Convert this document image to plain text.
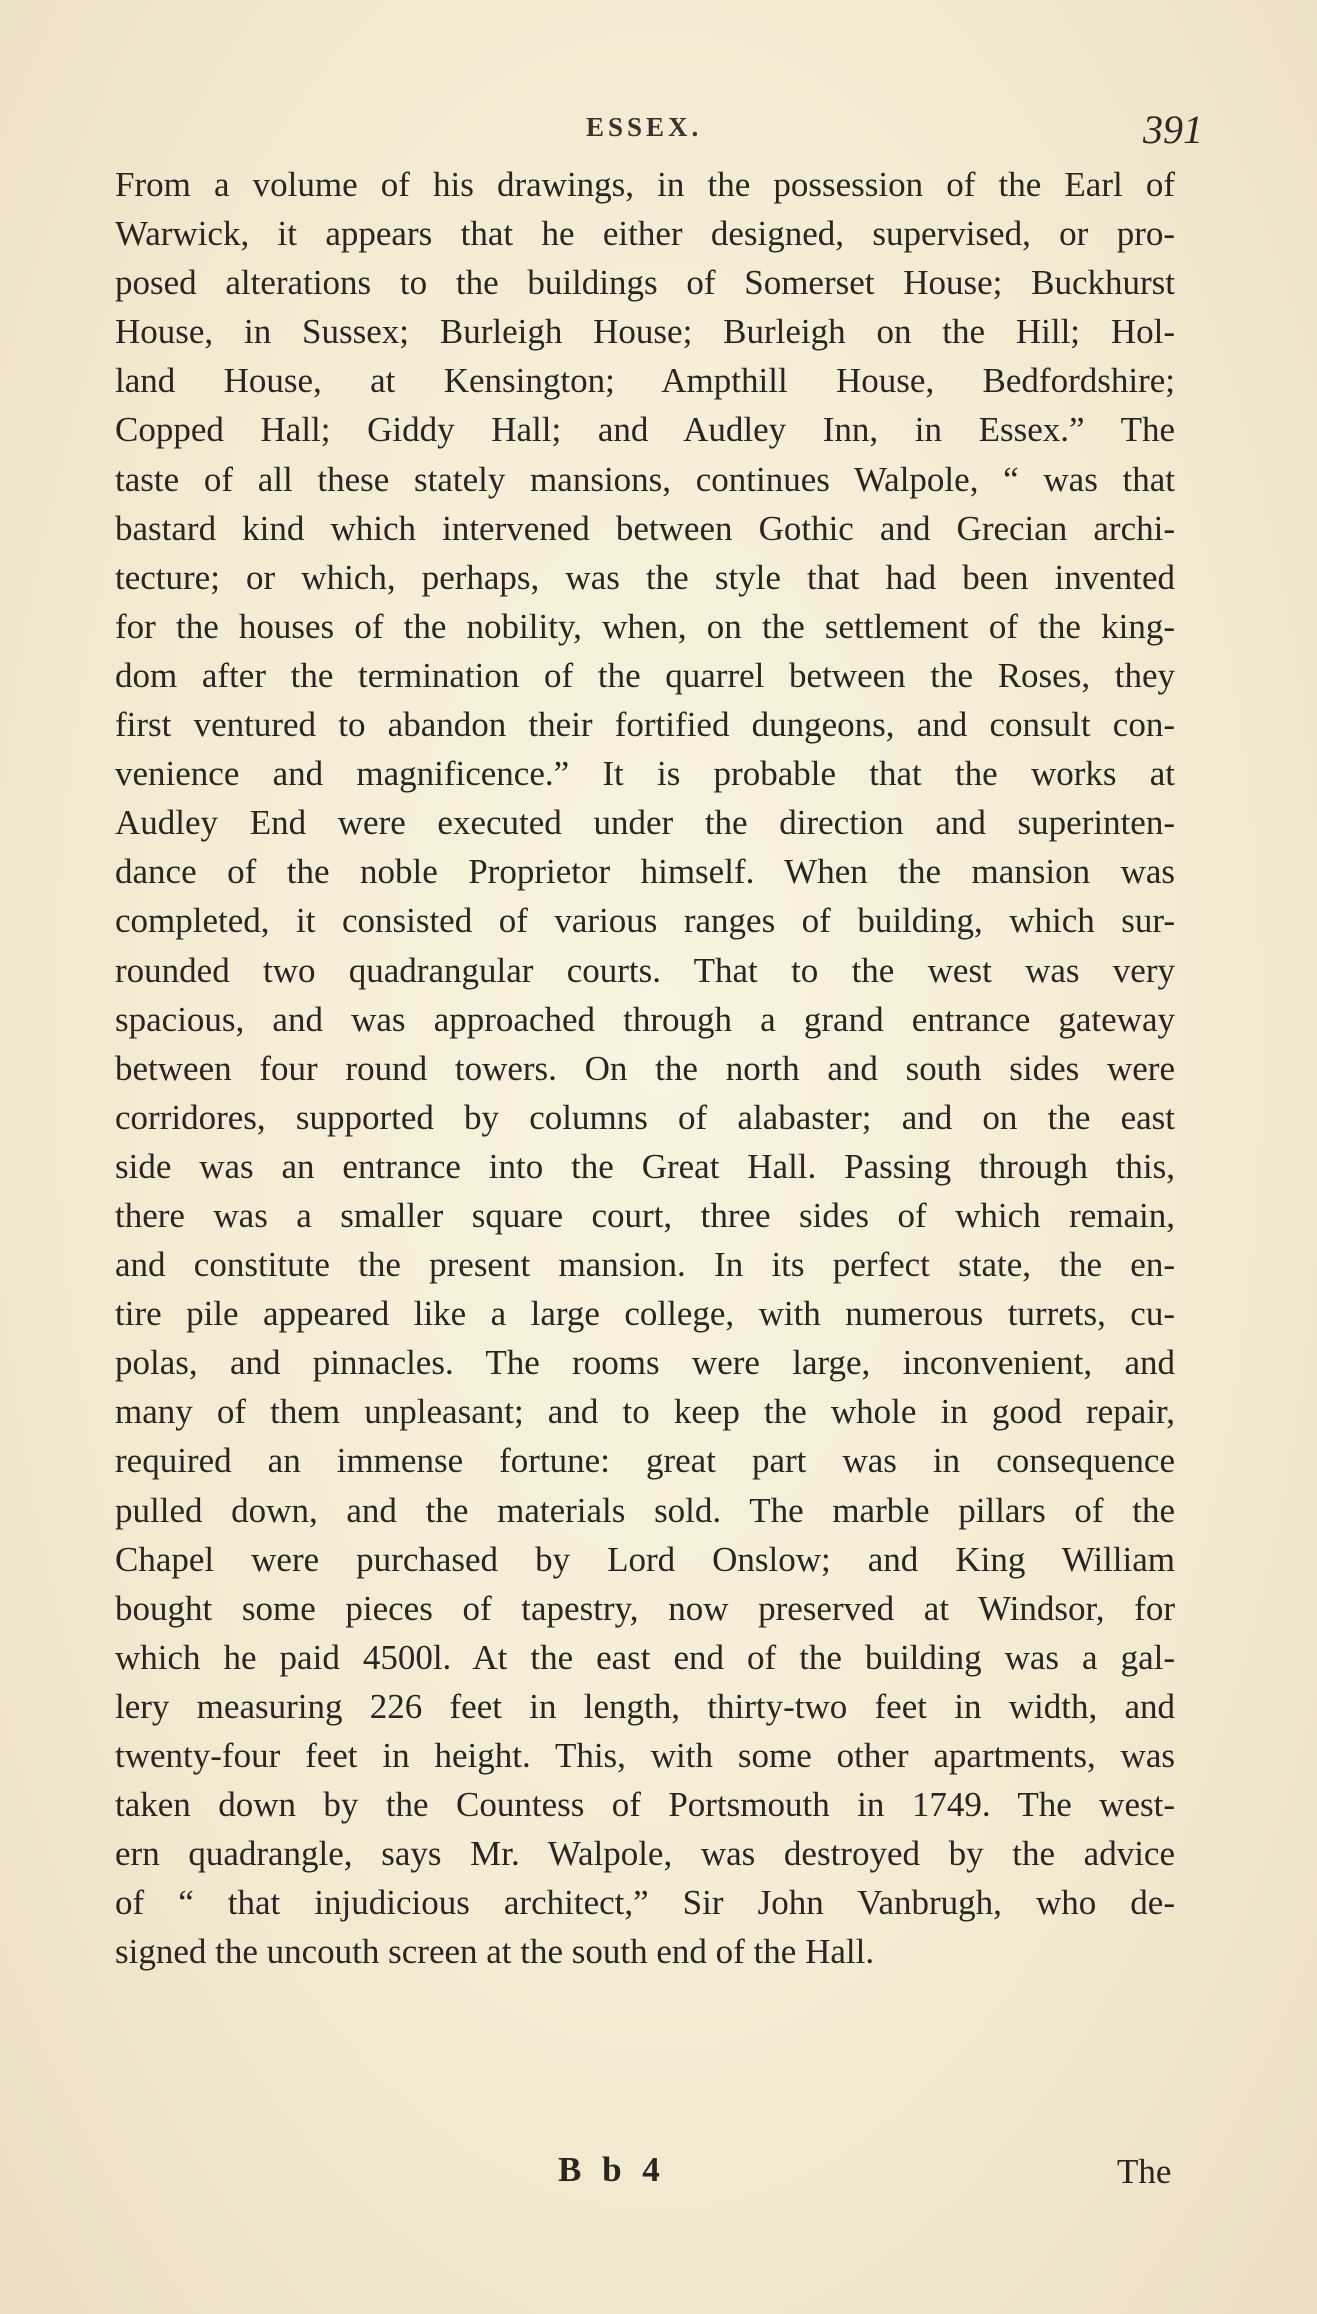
ESSEX.	391
From a volume of his drawings, in the possession of the Earl of
Warwick, it appears that he either designed, supervised, or pro-
posed alterations to the buildings of Somerset House; Buckhurst
House, in Sussex; Burleigh House; Burleigh on the Hill; Hol-
land House, at Kensington; Ampthill House, Bedfordshire;
Copped Hall; Giddy Hall; and Audley Inn, in Essex.” The
taste of all these stately mansions, continues Walpole, “ was that
bastard kind which intervened between Gothic and Grecian archi-
tecture; or which, perhaps, was the style that had been invented
for the houses of the nobility, when, on the settlement of the king-
dom after the termination of the quarrel between the Roses, they
first ventured to abandon their fortified dungeons, and consult con-
venience and magnificence.” It is probable that the works at
Audley End were executed under the direction and superinten-
dance of the noble Proprietor himself. When the mansion was
completed, it consisted of various ranges of building, which sur-
rounded two quadrangular courts. That to the west was very
spacious, and was approached through a grand entrance gateway
between four round towers. On the north and south sides were
corridores, supported by columns of alabaster; and on the east
side was an entrance into the Great Hall. Passing through this,
there was a smaller square court, three sides of which remain,
and constitute the present mansion. In its perfect state, the en-
tire pile appeared like a large college, with numerous turrets, cu-
polas, and pinnacles. The rooms were large, inconvenient, and
many of them unpleasant; and to keep the whole in good repair,
required an immense fortune: great part was in consequence
pulled down, and the materials sold. The marble pillars of the
Chapel were purchased by Lord Onslow; and King William
bought some pieces of tapestry, now preserved at Windsor, for
which he paid 4500l. At the east end of the building was a gal-
lery measuring 226 feet in length, thirty-two feet in width, and
twenty-four feet in height. This, with some other apartments, was
taken down by the Countess of Portsmouth in 1749. The west-
ern quadrangle, says Mr. Walpole, was destroyed by the advice
of “ that injudicious architect,” Sir John Vanbrugh, who de-
signed the uncouth screen at the south end of the Hall.
B b 4	The
